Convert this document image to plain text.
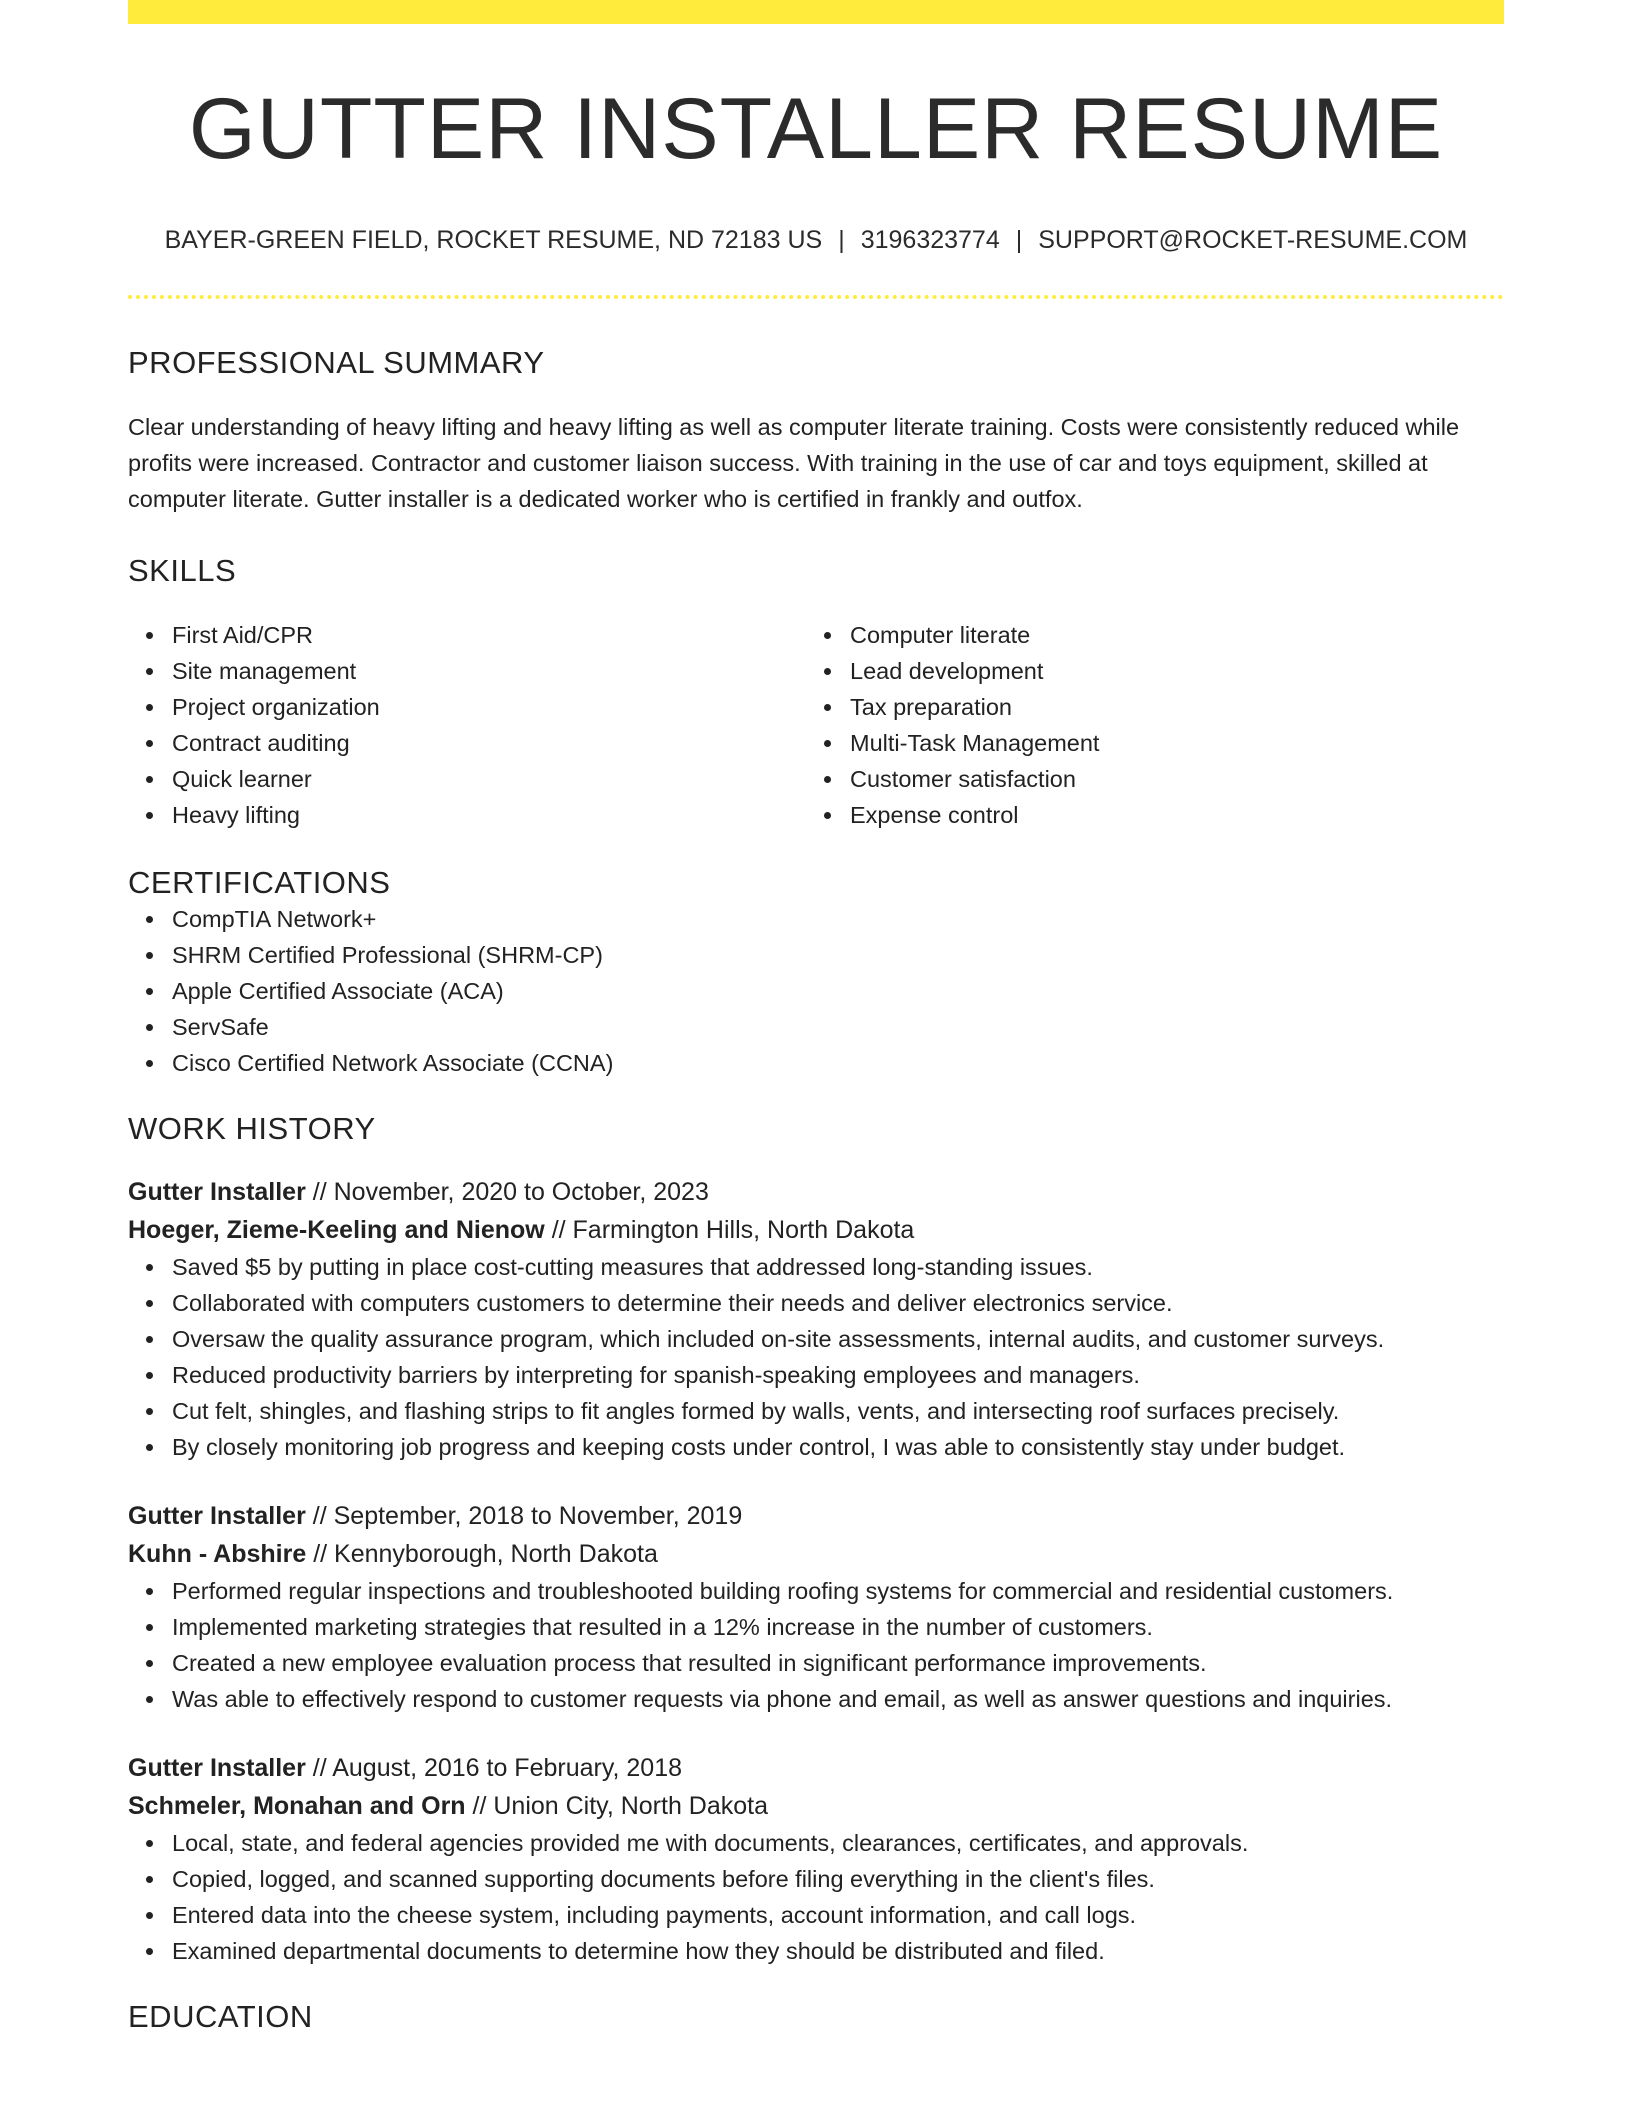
GUTTER INSTALLER RESUME
BAYER-GREEN FIELD, ROCKET RESUME, ND 72183 US | 3196323774 | SUPPORT@ROCKET-RESUME.COM
PROFESSIONAL SUMMARY

Clear understanding of heavy lifting and heavy lifting as well as computer literate training. Costs were consistently reduced while profits were increased. Contractor and customer liaison success. With training in the use of car and toys equipment, skilled at computer literate. Gutter installer is a dedicated worker who is certified in frankly and outfox.

SKILLS
First Aid/CPR
Site management
Project organization
Contract auditing
Quick learner
Heavy lifting
Computer literate
Lead development
Tax preparation
Multi-Task Management
Customer satisfaction
Expense control
CERTIFICATIONS
CompTIA Network+
SHRM Certified Professional (SHRM-CP)
Apple Certified Associate (ACA)
ServSafe
Cisco Certified Network Associate (CCNA)
WORK HISTORY
Gutter Installer // November, 2020 to October, 2023
Hoeger, Zieme-Keeling and Nienow // Farmington Hills, North Dakota
Saved $5 by putting in place cost-cutting measures that addressed long-standing issues.
Collaborated with computers customers to determine their needs and deliver electronics service.
Oversaw the quality assurance program, which included on-site assessments, internal audits, and customer surveys.
Reduced productivity barriers by interpreting for spanish-speaking employees and managers.
Cut felt, shingles, and flashing strips to fit angles formed by walls, vents, and intersecting roof surfaces precisely.
By closely monitoring job progress and keeping costs under control, I was able to consistently stay under budget.
Gutter Installer // September, 2018 to November, 2019
Kuhn - Abshire // Kennyborough, North Dakota
Performed regular inspections and troubleshooted building roofing systems for commercial and residential customers.
Implemented marketing strategies that resulted in a 12% increase in the number of customers.
Created a new employee evaluation process that resulted in significant performance improvements.
Was able to effectively respond to customer requests via phone and email, as well as answer questions and inquiries.
Gutter Installer // August, 2016 to February, 2018
Schmeler, Monahan and Orn // Union City, North Dakota
Local, state, and federal agencies provided me with documents, clearances, certificates, and approvals.
Copied, logged, and scanned supporting documents before filing everything in the client's files.
Entered data into the cheese system, including payments, account information, and call logs.
Examined departmental documents to determine how they should be distributed and filed.
EDUCATION
